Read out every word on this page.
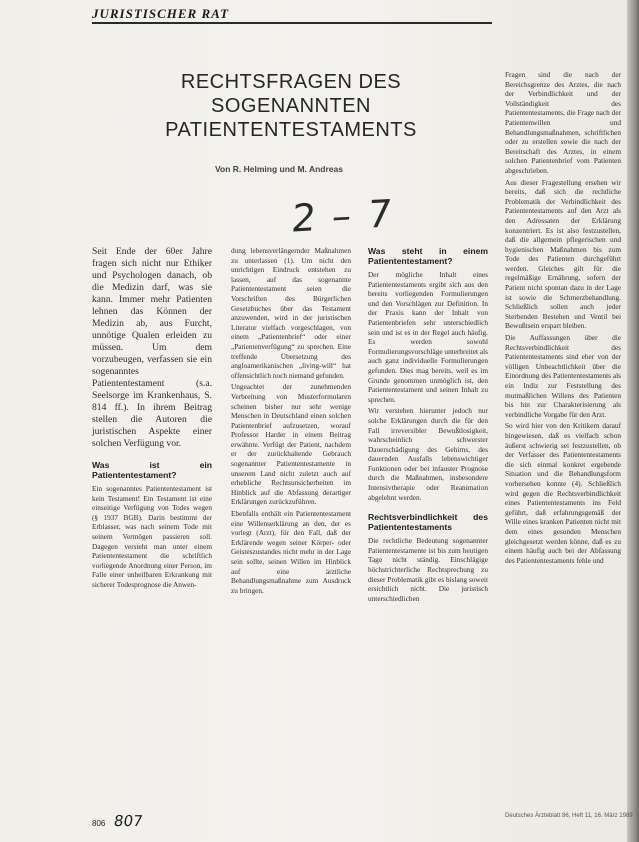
JURISTISCHER RAT
RECHTSFRAGEN DES SOGENANNTEN PATIENTENTESTAMENTS
Von R. Helming und M. Andreas
2 – 7

Seit Ende der 60er Jahre fragen sich nicht nur Ethiker und Psychologen danach, ob die Medizin darf, was sie kann. Immer mehr Patienten lehnen das Können der Medizin ab, aus Furcht, unnötige Qualen erleiden zu müssen. Um dem vorzubeugen, verfassen sie ein sogenanntes Patiententestament (s.a. Seelsorge im Krankenhaus, S. 814 ff.). In ihrem Beitrag stellen die Autoren die juristischen Aspekte einer solchen Verfügung vor.

Was ist ein Patiententestament?

Ein sogenanntes Patiententestament ist kein Testament! Ein Testament ist eine einseitige Verfügung von Todes wegen (§ 1937 BGB). Darin bestimmt der Erblasser, was nach seinem Tode mit seinem Vermögen passieren soll. Dagegen versteht man unter einem Patiententestament die schriftlich vorliegende Anordnung einer Person, im Falle einer unheilbaren Erkrankung mit sicherer Todesprognose die Anwen-

dung lebensverlängernder Maßnahmen zu unterlassen (1). Um nicht den unrichtigen Eindruck entstehen zu lassen, auf das sogenannte Patiententestament seien die Vorschriften des Bürgerlichen Gesetzbuches über das Testament anzuwenden, wird in der juristischen Literatur vielfach vorgeschlagen, von einem „Patientenbrief“ oder einer „Patientenverfügung“ zu sprechen. Eine treffende Übersetzung des angloamerikanischen „living-will“ hat offensichtlich noch niemand gefunden.

Ungeachtet der zunehmenden Verbreitung von Musterformularen scheinen bisher nur sehr wenige Menschen in Deutschland einen solchen Patientenbrief aufzusetzen, worauf Professor Harder in einem Beitrag erwähnte. Verfügt der Patient, nachdem er der zurückhaltende Gebrauch sogenannter Patiententestamente in unserem Land nicht zuletzt auch auf erhebliche Rechtsunsicherheiten im Hinblick auf die Abfassung derartiger Erklärungen zurückzuführen.

Ebenfalls enthält ein Patiententestament eine Willenserklärung an den, der es vorlegt (Arzt), für den Fall, daß der Erklärende wegen seiner Körper- oder Geisteszustandes nicht mehr in der Lage sein sollte, seinen Willen im Hinblick auf eine ärztliche Behandlungsmaßnahme zum Ausdruck zu bringen.

Was steht in einem Patiententestament?

Der mögliche Inhalt eines Patiententestaments ergibt sich aus den bereits vorliegenden Formulierungen und den Vorschlägen zur Definition. In der Praxis kann der Inhalt von Patientenbriefen sehr unterschiedlich sein und ist es in der Regel auch häufig. Es werden sowohl Formulierungsvorschläge unterbreitet als auch ganz individuelle Formulierungen gefunden. Dies mag bereits, weil es im Grunde genommen unmöglich ist, den Patiententestament und seinen Inhalt zu sprechen.

Wir verstehen hierunter jedoch nur solche Erklärungen durch die für den Fall irreversibler Bewußtlosigkeit, wahrscheinlich schwerster Dauerschädigung des Gehirns, des dauernden Ausfalls lebenswichtiger Funktionen oder bei infauster Prognose durch die Maßnahmen, insbesondere Intensivtherapie oder Reanimation abgelehnt werden.

Rechtsverbindlichkeit des Patiententestaments

Die rechtliche Bedeutung sogenannter Patiententestamente ist bis zum heutigen Tage nicht ständig. Einschlägige höchstrichterliche Rechtsprechung zu dieser Problematik gibt es bislang soweit ersichtlich nicht. Die juristisch unterschiedlichen

Fragen sind die nach der Bereichsgrenze des Arztes, die nach der Verbindlichkeit und der Vollständigkeit des Patiententestaments, die Frage nach der Patientenwillen und Behandlungsmaßnahmen, schriftlichen oder zu erstellen sowie die nach der Bereitschaft des Arztes, in einem solchen Patientenbrief vom Patienten abgeschrieben.

Aus dieser Fragestellung ersehen wir bereits, daß sich die rechtliche Problematik der Verbindlichkeit des Patiententestaments auf den Arzt als den Adressaten der Erklärung konzentriert. Es ist also festzustellen, daß die allgemein pflegerischen und hygienischen Maßnahmen bis zum Tode des Patienten durchgeführt werden. Gleiches gilt für die regelmäßige Ernährung, sofern der Patient nicht spontan dazu in der Lage ist sowie die Schmerzbehandlung. Schließlich sollen auch jeder Sterbenden Bestehen und Ventil bei Bewußtsein erspart bleiben.

Die Auffassungen über die Rechtsverbindlichkeit des Patiententestaments sind eher von der völligen Unbeachtlichkeit über die Einordnung des Patiententestaments als ein Indiz zur Feststellung des mutmaßlichen Willens des Patienten bis hin zur Charakterisierung als verbindliche Vorgabe für den Arzt.

So wird hier von den Kritikern darauf hingewiesen, daß es vielfach schon äußerst schwierig sei festzustellen, ob der Verfasser des Patiententestaments die sich einmal konkret ergebende Situation und die Behandlungsform vorhersehen konnte (4). Schließlich wird gegen die Rechtsverbindlichkeit eines Patiententestaments ins Feld geführt, daß erfahrungsgemäß der Wille eines kranken Patienten nicht mit dem eines gesunden Menschen gleichgesetzt werden könne, daß es zu einem häufig auch bei der Abfassung des Patiententestaments fehle und

806 807	Deutsches Ärzteblatt 86, Heft 11, 16. März 1989
